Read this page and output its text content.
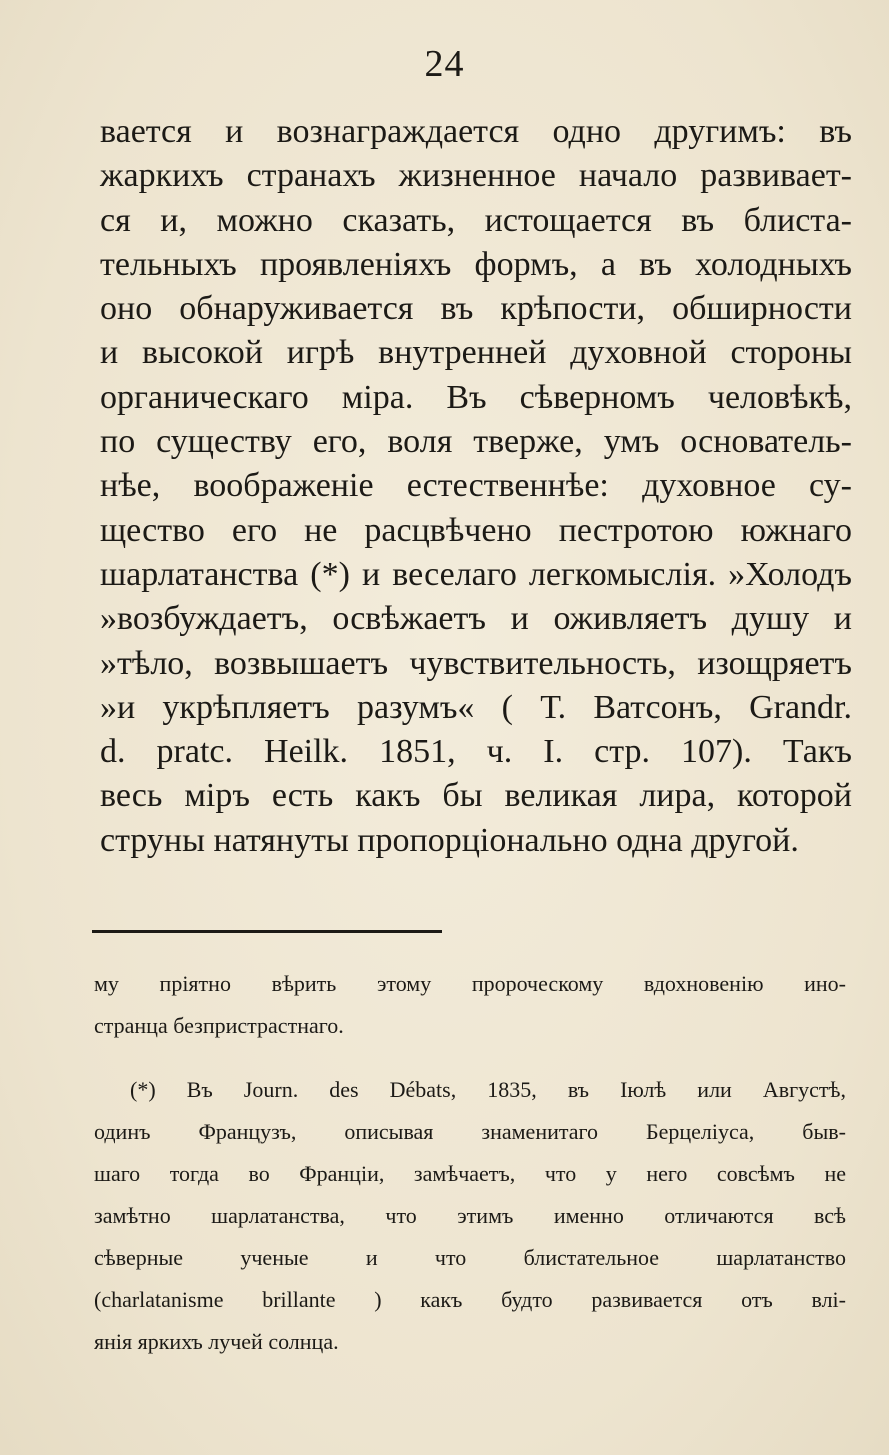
24
вается и вознаграждается одно другимъ: въ
жаркихъ странахъ жизненное начало развивает-
ся и, можно сказать, истощается въ блиста-
тельныхъ проявленіяхъ формъ, а въ холодныхъ
оно обнаруживается въ крѣпости, обширности
и высокой игрѣ внутренней духовной стороны
органическаго міра. Въ сѣверномъ человѣкѣ,
по существу его, воля тверже, умъ основатель-
нѣе, воображеніе естественнѣе: духовное су-
щество его не расцвѣчено пестротою южнаго
шарлатанства (*) и веселаго легкомыслія. »Холодъ
»возбуждаетъ, освѣжаетъ и оживляетъ душу и
»тѣло, возвышаетъ чувствительность, изощряетъ
»и укрѣпляетъ разумъ« ( Т. Ватсонъ, Grandr.
d. pratc. Heilk. 1851, ч. I. стр. 107). Такъ
весь міръ есть какъ бы великая лира, которой
струны натянуты пропорціонально одна другой.
му пріятно вѣрить этому пророческому вдохновенію ино-
странца безпристрастнаго.
(*) Въ Journ. des Débats, 1835, въ Іюлѣ или Августѣ,
одинъ Французъ, описывая знаменитаго Берцеліуса, быв-
шаго тогда во Франціи, замѣчаетъ, что у него совсѣмъ не
замѣтно шарлатанства, что этимъ именно отличаются всѣ
сѣверные ученые и что блистательное шарлатанство
(charlatanisme brillante ) какъ будто развивается отъ влі-
янія яркихъ лучей солнца.
